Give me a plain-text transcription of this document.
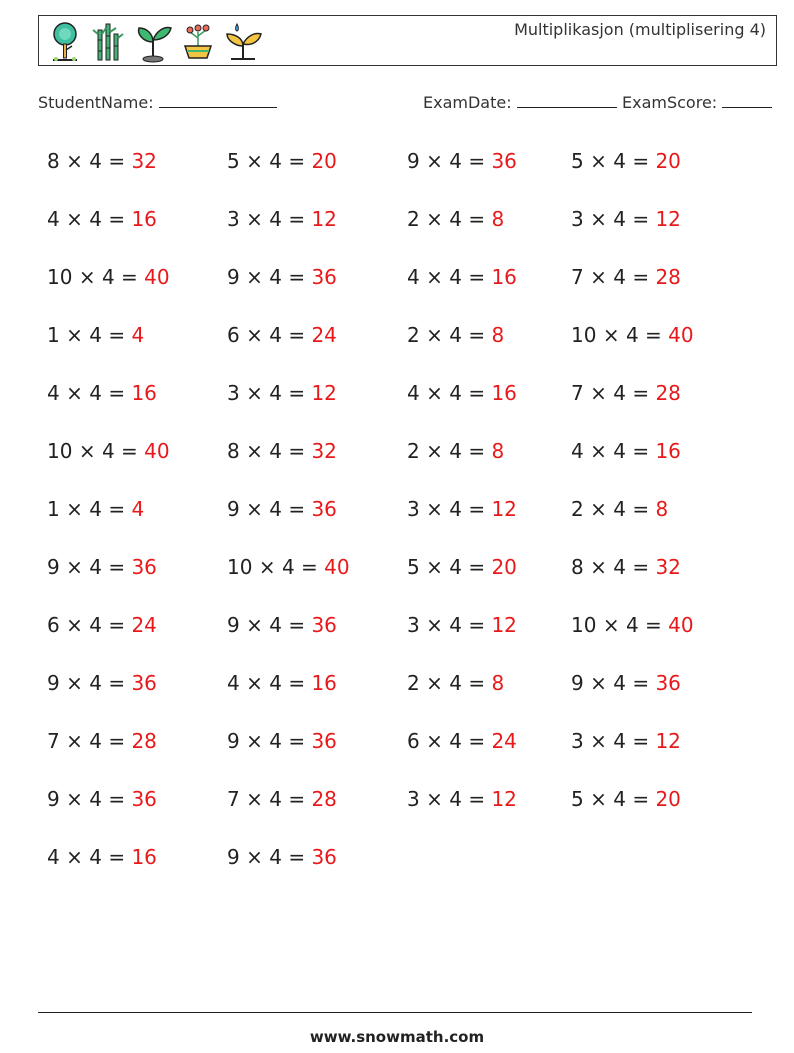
Multiplikasjon (multiplisering 4)
StudentName:	ExamDate:	ExamScore:
8 × 4 = 32	5 × 4 = 20	9 × 4 = 36	5 × 4 = 20
4 × 4 = 16	3 × 4 = 12	2 × 4 = 8	3 × 4 = 12
10 × 4 = 40	9 × 4 = 36	4 × 4 = 16	7 × 4 = 28
1 × 4 = 4	6 × 4 = 24	2 × 4 = 8	10 × 4 = 40
4 × 4 = 16	3 × 4 = 12	4 × 4 = 16	7 × 4 = 28
10 × 4 = 40	8 × 4 = 32	2 × 4 = 8	4 × 4 = 16
1 × 4 = 4	9 × 4 = 36	3 × 4 = 12	2 × 4 = 8
9 × 4 = 36	10 × 4 = 40	5 × 4 = 20	8 × 4 = 32
6 × 4 = 24	9 × 4 = 36	3 × 4 = 12	10 × 4 = 40
9 × 4 = 36	4 × 4 = 16	2 × 4 = 8	9 × 4 = 36
7 × 4 = 28	9 × 4 = 36	6 × 4 = 24	3 × 4 = 12
9 × 4 = 36	7 × 4 = 28	3 × 4 = 12	5 × 4 = 20
4 × 4 = 16	9 × 4 = 36
www.snowmath.com
